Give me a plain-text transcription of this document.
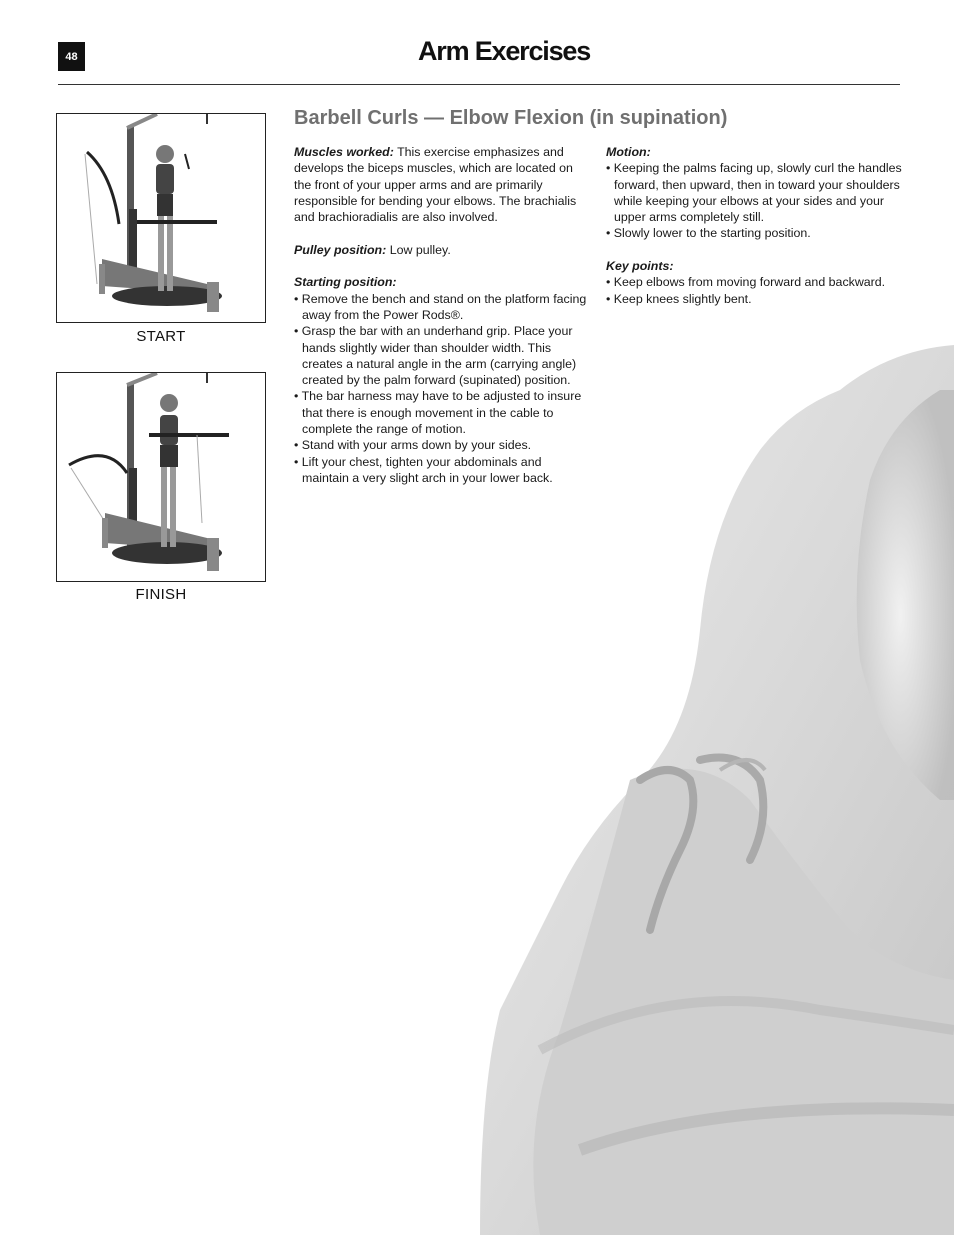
48	Arm Exercises
START
FINISH
Barbell Curls — Elbow Flexion (in supination)

Muscles worked: This exercise emphasizes and develops the biceps muscles, which are located on the front of your upper arms and are primarily responsible for bending your elbows. The brachialis and brachioradialis are also involved.

Pulley position: Low pulley.

Starting position:
• Remove the bench and stand on the platform facing away from the Power Rods®.
• Grasp the bar with an underhand grip. Place your hands slightly wider than shoulder width. This creates a natural angle in the arm (carrying angle) created by the palm forward (supinated) position.
• The bar harness may have to be adjusted to insure that there is enough movement in the cable to complete the range of motion.
• Stand with your arms down by your sides.
• Lift your chest, tighten your abdominals and maintain a very slight arch in your lower back.
Motion:
• Keeping the palms facing up, slowly curl the handles forward, then upward, then in toward your shoulders while keeping your elbows at your sides and your upper arms completely still.
• Slowly lower to the starting position.
Key points:
• Keep elbows from moving forward and backward.
• Keep knees slightly bent.
